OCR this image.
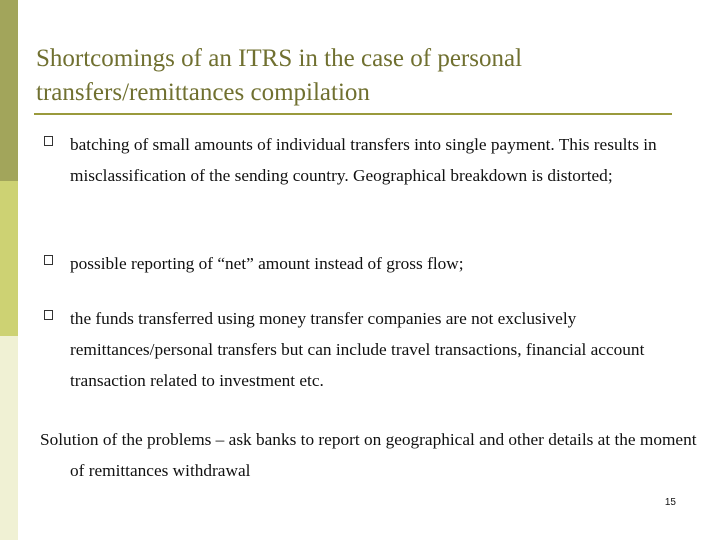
Shortcomings of an ITRS in the case of personal transfers/remittances compilation

batching of small amounts of individual transfers into single payment. This results in misclassification of the sending country. Geographical breakdown is distorted;

possible reporting of “net” amount instead of gross flow;

the funds transferred using money transfer companies are not exclusively remittances/personal transfers but can include travel transactions, financial account transaction related to investment etc.

Solution of the problems – ask banks to report on geographical and other details at the moment of remittances withdrawal

15
